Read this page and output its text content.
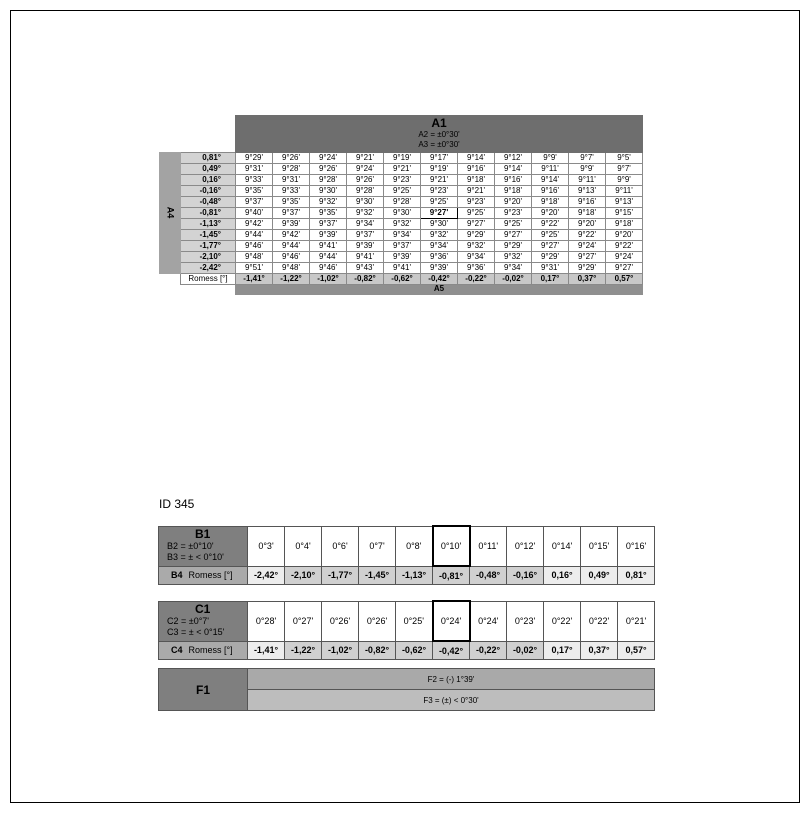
		A1
A2 = ±0°30'
A3 = ±0°30'										

A4	0,81°	9°29'	9°26'	9°24'	9°21'	9°19'	9°17'	9°14'	9°12'	9°9'	9°7'	9°5'
	0,49°	9°31'	9°28'	9°26'	9°24'	9°21'	9°19'	9°16'	9°14'	9°11'	9°9'	9°7'
	0,16°	9°33'	9°31'	9°28'	9°26'	9°23'	9°21'	9°18'	9°16'	9°14'	9°11'	9°9'
	-0,16°	9°35'	9°33'	9°30'	9°28'	9°25'	9°23'	9°21'	9°18'	9°16'	9°13'	9°11'
	-0,48°	9°37'	9°35'	9°32'	9°30'	9°28'	9°25'	9°23'	9°20'	9°18'	9°16'	9°13'
	-0,81°	9°40'	9°37'	9°35'	9°32'	9°30'	9°27'	9°25'	9°23'	9°20'	9°18'	9°15'
	-1,13°	9°42'	9°39'	9°37'	9°34'	9°32'	9°30'	9°27'	9°25'	9°22'	9°20'	9°18'
	-1,45°	9°44'	9°42'	9°39'	9°37'	9°34'	9°32'	9°29'	9°27'	9°25'	9°22'	9°20'
	-1,77°	9°46'	9°44'	9°41'	9°39'	9°37'	9°34'	9°32'	9°29'	9°27'	9°24'	9°22'
	-2,10°	9°48'	9°46'	9°44'	9°41'	9°39'	9°36'	9°34'	9°32'	9°29'	9°27'	9°24'
	-2,42°	9°51'	9°48'	9°46'	9°43'	9°41'	9°39'	9°36'	9°34'	9°31'	9°29'	9°27'
	Romess [°]	-1,41°	-1,22°	-1,02°	-0,82°	-0,62°	-0,42°	-0,22°	-0,02°	0,17°	0,37°	0,57°
		A5										
ID 345
B1
B2 = ±0°10'
B3 = ± < 0°10'	0°3'	0°4'	0°6'	0°7'	0°8'	0°10'	0°11'	0°12'	0°14'	0°15'	0°16'
B4 Romess [°]	-2,42°	-2,10°	-1,77°	-1,45°	-1,13°	-0,81°	-0,48°	-0,16°	0,16°	0,49°	0,81°
C1
C2 = ±0°7'
C3 = ± < 0°15'	0°28'	0°27'	0°26'	0°26'	0°25'	0°24'	0°24'	0°23'	0°22'	0°22'	0°21'
C4 Romess [°]	-1,41°	-1,22°	-1,02°	-0,82°	-0,62°	-0,42°	-0,22°	-0,02°	0,17°	0,37°	0,57°
F1	F2 = (-) 1°39'
F3 = (±) < 0°30'
